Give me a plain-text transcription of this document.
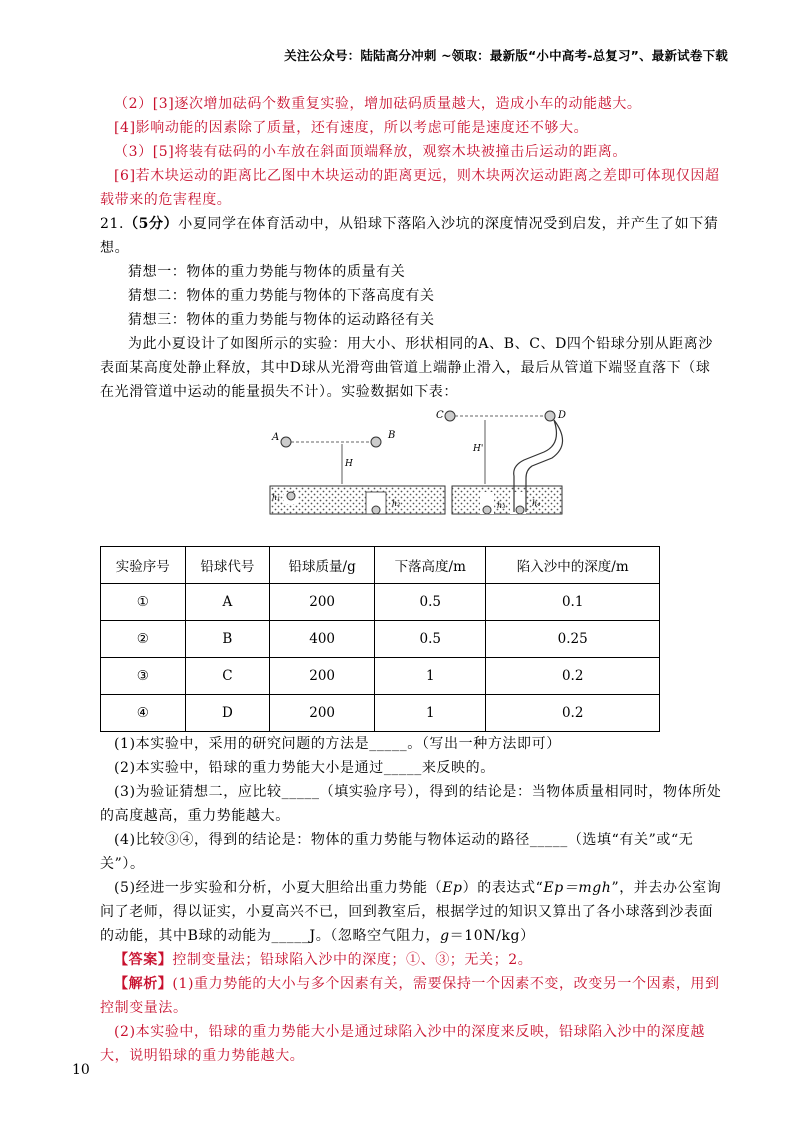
关注公众号：陆陆高分冲刺 ~领取：最新版“小中高考-总复习”、最新试卷下载

（2）[3]逐次增加砝码个数重复实验，增加砝码质量越大，造成小车的动能越大。

[4]影响动能的因素除了质量，还有速度，所以考虑可能是速度还不够大。

（3）[5]将装有砝码的小车放在斜面顶端释放，观察木块被撞击后运动的距离。

[6]若木块运动的距离比乙图中木块运动的距离更远，则木块两次运动距离之差即可体现仅因超载带来的危害程度。

21.（5分）小夏同学在体育活动中，从铅球下落陷入沙坑的深度情况受到启发，并产生了如下猜想。

猜想一：物体的重力势能与物体的质量有关

猜想二：物体的重力势能与物体的下落高度有关

猜想三：物体的重力势能与物体的运动路径有关

为此小夏设计了如图所示的实验：用大小、形状相同的A、B、C、D四个铅球分别从距离沙表面某高度处静止释放，其中D球从光滑弯曲管道上端静止滑入，最后从管道下端竖直落下（球在光滑管道中运动的能量损失不计）。实验数据如下表：

A	B
H
h₁
h₂
C	D
H'
h₃	h₄
实验序号	铅球代号	铅球质量/g	下落高度/m	陷入沙中的深度/m
①	A	200	0.5	0.1
②	B	400	0.5	0.25
③	C	200	1	0.2
④	D	200	1	0.2

(1)本实验中，采用的研究问题的方法是_____。（写出一种方法即可）

(2)本实验中，铅球的重力势能大小是通过_____来反映的。

(3)为验证猜想二，应比较_____（填实验序号），得到的结论是：当物体质量相同时，物体所处的高度越高，重力势能越大。

(4)比较③④，得到的结论是：物体的重力势能与物体运动的路径_____（选填“有关”或“无关”）。

(5)经进一步实验和分析，小夏大胆给出重力势能（Ep）的表达式“Ep＝mgh”，并去办公室询问了老师，得以证实，小夏高兴不已，回到教室后，根据学过的知识又算出了各小球落到沙表面的动能，其中B球的动能为_____J。（忽略空气阻力，g＝10N/kg）

【答案】控制变量法；铅球陷入沙中的深度；①、③；无关；2。

【解析】(1)重力势能的大小与多个因素有关，需要保持一个因素不变，改变另一个因素，用到控制变量法。

(2)本实验中，铅球的重力势能大小是通过球陷入沙中的深度来反映，铅球陷入沙中的深度越大，说明铅球的重力势能越大。

10
